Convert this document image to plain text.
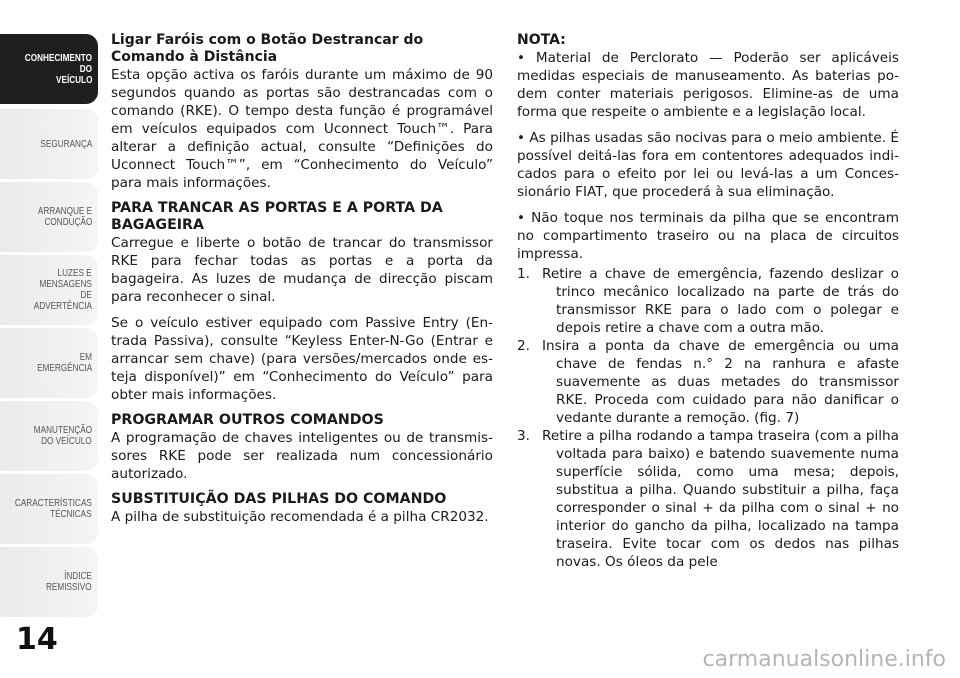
CONHECIMENTO
DO
VEÍCULO
SEGURANÇA
ARRANQUE E
CONDUÇÃO
LUZES E
MENSAGENS
DE
ADVERTÊNCIA
EM
EMERGÊNCIA
MANUTENÇÃO
DO VEÍCULO
CARACTERÍSTICAS
TÉCNICAS
ÍNDICE
REMISSIVO
14
Ligar Faróis com o Botão Destrancar do Comando à Distância

Esta opção activa os faróis durante um máximo de 90 segundos quando as portas são destrancadas com o comando (RKE). O tempo desta função é programável em veículos equipados com Uconnect Touch™. Para alterar a definição actual, consulte “Definições do Uconnect Touch™”, em “Conhecimento do Veículo” para mais informações.

PARA TRANCAR AS PORTAS E A PORTA DA BAGAGEIRA

Carregue e liberte o botão de trancar do transmissor RKE para fechar todas as portas e a porta da bagageira. As luzes de mudança de direcção piscam para reconhecer o sinal.

Se o veículo estiver equipado com Passive Entry (Entrada Passiva), consulte “Keyless Enter-N-Go (Entrar e arrancar sem chave) (para versões/mercados onde esteja disponível)” em “Conhecimento do Veículo” para obter mais informações.

PROGRAMAR OUTROS COMANDOS

A programação de chaves inteligentes ou de transmissores RKE pode ser realizada num concessionário autorizado.

SUBSTITUIÇÃO DAS PILHAS DO COMANDO

A pilha de substituição recomendada é a pilha CR2032.

NOTA:

• Material de Perclorato — Poderão ser aplicáveis medidas especiais de manuseamento. As baterias podem conter materiais perigosos. Elimine-as de uma forma que respeite o ambiente e a legislação local.

• As pilhas usadas são nocivas para o meio ambiente. É possível deitá-las fora em contentores adequados indicados para o efeito por lei ou levá-las a um Concessionário FIAT, que procederá à sua eliminação.

• Não toque nos terminais da pilha que se encontram no compartimento traseiro ou na placa de circuitos impressa.

1. Retire a chave de emergência, fazendo deslizar o trinco mecânico localizado na parte de trás do transmissor RKE para o lado com o polegar e depois retire a chave com a outra mão.
2. Insira a ponta da chave de emergência ou uma chave de fendas n.° 2 na ranhura e afaste suavemente as duas metades do transmissor RKE. Proceda com cuidado para não danificar o vedante durante a remoção. (fig. 7)
3. Retire a pilha rodando a tampa traseira (com a pilha voltada para baixo) e batendo suavemente numa superfície sólida, como uma mesa; depois, substitua a pilha. Quando substituir a pilha, faça corresponder o sinal + da pilha com o sinal + no interior do gancho da pilha, localizado na tampa traseira. Evite tocar com os dedos nas pilhas novas. Os óleos da pele
carmanualsonline.info
